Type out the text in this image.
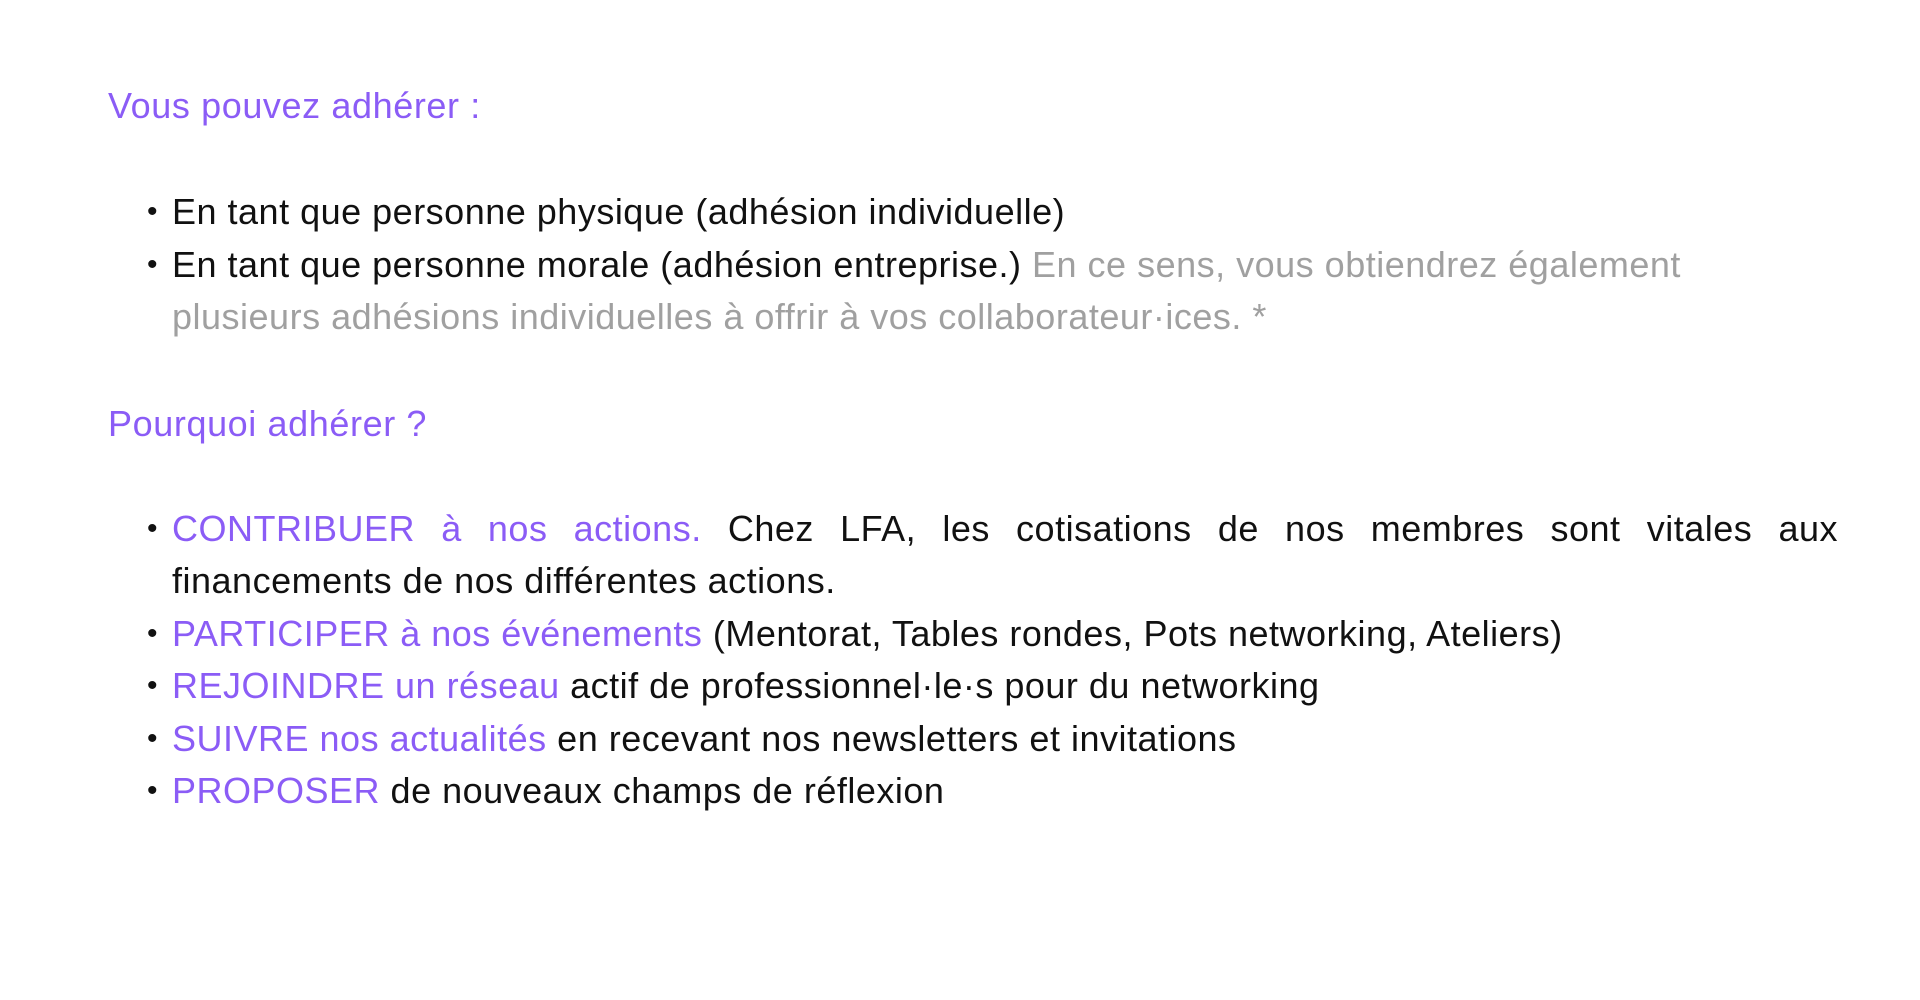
Vous pouvez adhérer :

• En tant que personne physique (adhésion individuelle)
• En tant que personne morale (adhésion entreprise.) En ce sens, vous obtiendrez également plusieurs adhésions individuelles à offrir à vos collaborateur·ices. *

Pourquoi adhérer ?

• CONTRIBUER à nos actions. Chez LFA, les cotisations de nos membres sont vitales aux financements de nos différentes actions.
• PARTICIPER à nos événements (Mentorat, Tables rondes, Pots networking, Ateliers)
• REJOINDRE un réseau actif de professionnel·le·s pour du networking
• SUIVRE nos actualités en recevant nos newsletters et invitations
• PROPOSER de nouveaux champs de réflexion
